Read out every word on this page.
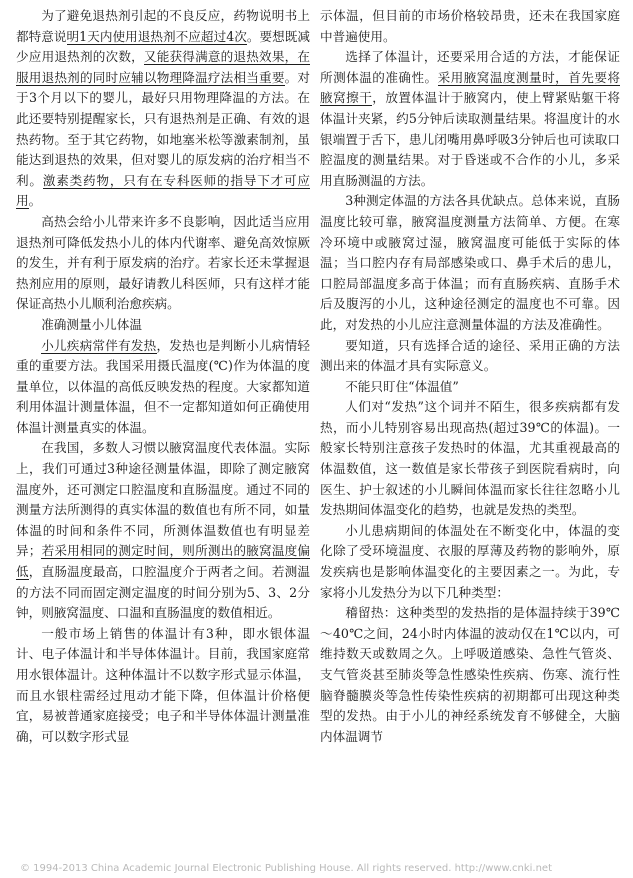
为了避免退热剂引起的不良反应，药物说明书上都特意说明1天内使用退热剂不应超过4次。要想既减少应用退热剂的次数，又能获得满意的退热效果，在服用退热剂的同时应辅以物理降温疗法相当重要。对于3个月以下的婴儿，最好只用物理降温的方法。在此还要特别提醒家长，只有退热剂是正确、有效的退热药物。至于其它药物，如地塞米松等激素制剂，虽能达到退热的效果，但对婴儿的原发病的治疗相当不利。激素类药物，只有在专科医师的指导下才可应用。

高热会给小儿带来许多不良影响，因此适当应用退热剂可降低发热小儿的体内代谢率、避免高效惊厥的发生，并有利于原发病的治疗。若家长还未掌握退热剂应用的原则，最好请教儿科医师，只有这样才能保证高热小儿顺利治愈疾病。

准确测量小儿体温

小儿疾病常伴有发热，发热也是判断小儿病情轻重的重要方法。我国采用摄氏温度(℃)作为体温的度量单位，以体温的高低反映发热的程度。大家都知道利用体温计测量体温，但不一定都知道如何正确使用体温计测量真实的体温。

在我国，多数人习惯以腋窝温度代表体温。实际上，我们可通过3种途径测量体温，即除了测定腋窝温度外，还可测定口腔温度和直肠温度。通过不同的测量方法所测得的真实体温的数值也有所不同，如量体温的时间和条件不同，所测体温数值也有明显差异；若采用相同的测定时间，则所测出的腋窝温度偏低，直肠温度最高，口腔温度介于两者之间。若测温的方法不同而固定测定温度的时间分别为5、3、2分钟，则腋窝温度、口温和直肠温度的数值相近。

一般市场上销售的体温计有3种，即水银体温计、电子体温计和半导体体温计。目前，我国家庭常用水银体温计。这种体温计不以数字形式显示体温，而且水银柱需经过甩动才能下降，但体温计价格便宜，易被普通家庭接受；电子和半导体体温计测量准确，可以数字形式显

示体温，但目前的市场价格较昂贵，还未在我国家庭中普遍使用。

选择了体温计，还要采用合适的方法，才能保证所测体温的准确性。采用腋窝温度测量时，首先要将腋窝擦干，放置体温计于腋窝内，使上臂紧贴躯干将体温计夹紧，约5分钟后读取测量结果。将温度计的水银端置于舌下，患儿闭嘴用鼻呼吸3分钟后也可读取口腔温度的测量结果。对于昏迷或不合作的小儿，多采用直肠测温的方法。

3种测定体温的方法各具优缺点。总体来说，直肠温度比较可靠，腋窝温度测量方法简单、方便。在寒冷环境中或腋窝过湿，腋窝温度可能低于实际的体温；当口腔内存有局部感染或口、鼻手术后的患儿，口腔局部温度多高于体温；而有直肠疾病、直肠手术后及腹泻的小儿，这种途径测定的温度也不可靠。因此，对发热的小儿应注意测量体温的方法及准确性。

要知道，只有选择合适的途径、采用正确的方法测出来的体温才具有实际意义。

不能只盯住“体温值”

人们对“发热”这个词并不陌生，很多疾病都有发热，而小儿特别容易出现高热(超过39℃的体温)。一般家长特别注意孩子发热时的体温，尤其重视最高的体温数值，这一数值是家长带孩子到医院看病时，向医生、护士叙述的小儿瞬间体温而家长往往忽略小儿发热期间体温变化的趋势，也就是发热的类型。

小儿患病期间的体温处在不断变化中，体温的变化除了受环境温度、衣服的厚薄及药物的影响外，原发疾病也是影响体温变化的主要因素之一。为此，专家将小儿发热分为以下几种类型：

稽留热：这种类型的发热指的是体温持续于39℃～40℃之间，24小时内体温的波动仅在1℃以内，可维持数天或数周之久。上呼吸道感染、急性气管炎、支气管炎甚至肺炎等急性感染性疾病、伤寒、流行性脑脊髓膜炎等急性传染性疾病的初期都可出现这种类型的发热。由于小儿的神经系统发育不够健全，大脑内体温调节

© 1994-2013 China Academic Journal Electronic Publishing House. All rights reserved. http://www.cnki.net
